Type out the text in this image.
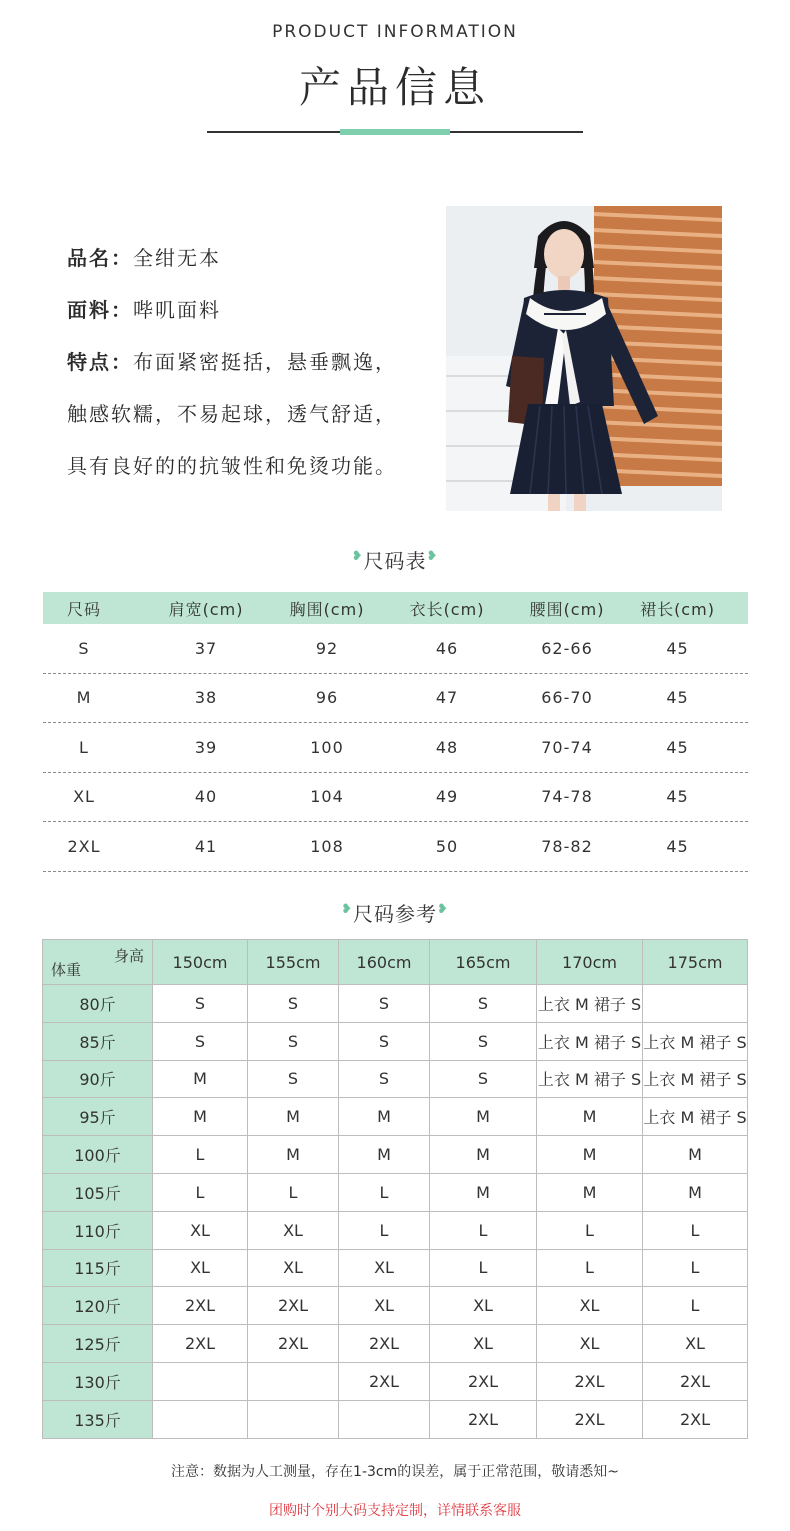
PRODUCT INFORMATION
产品信息
品名：全绀无本
面料：哔叽面料
特点：布面紧密挺括，悬垂飘逸，
触感软糯，不易起球，透气舒适，
具有良好的的抗皱性和免烫功能。
❥尺码表❥
尺码	肩宽(cm)	胸围(cm)	衣长(cm)	腰围(cm)	裙长(cm)
S	37	92	46	62-66	45
M	38	96	47	66-70	45
L	39	100	48	70-74	45
XL	40	104	49	74-78	45
2XL	41	108	50	78-82	45
❥尺码参考❥
身高
体重	150cm	155cm	160cm	165cm	170cm	175cm
80斤	S	S	S	S	上衣 M 裙子 S	
85斤	S	S	S	S	上衣 M 裙子 S	上衣 M 裙子 S
90斤	M	S	S	S	上衣 M 裙子 S	上衣 M 裙子 S
95斤	M	M	M	M	M	上衣 M 裙子 S
100斤	L	M	M	M	M	M
105斤	L	L	L	M	M	M
110斤	XL	XL	L	L	L	L
115斤	XL	XL	XL	L	L	L
120斤	2XL	2XL	XL	XL	XL	L
125斤	2XL	2XL	2XL	XL	XL	XL
130斤			2XL	2XL	2XL	2XL
135斤				2XL	2XL	2XL
注意：数据为人工测量，存在1-3cm的误差，属于正常范围，敬请悉知~
团购时个别大码支持定制，详情联系客服
